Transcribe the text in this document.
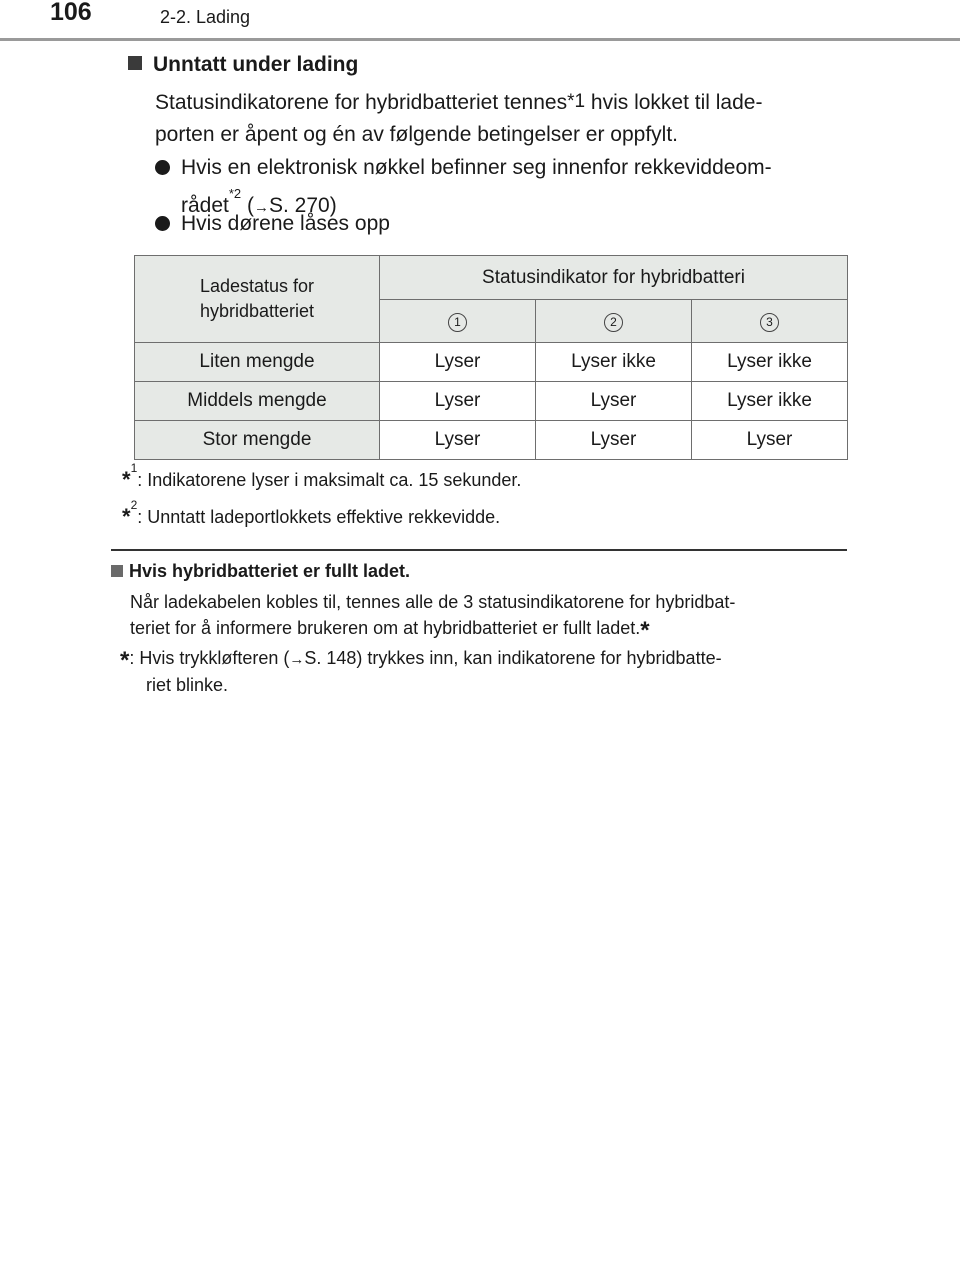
106	2-2. Lading
Unntatt under lading
Statusindikatorene for hybridbatteriet tennes$^{*1}$ hvis lokket til lade-
porten er åpent og én av følgende betingelser er oppfylt.
Hvis en elektronisk nøkkel befinner seg innenfor rekkeviddeom-
rådet$^{*2}$ (→S. 270)
Hvis dørene låses opp
Ladestatus for hybridbatteriet	Statusindikator for hybridbatteri		
	1	2	3
Liten mengde	Lyser	Lyser ikke	Lyser ikke
Middels mengde	Lyser	Lyser	Lyser ikke
Stor mengde	Lyser	Lyser	Lyser
*$^1$: Indikatorene lyser i maksimalt ca. 15 sekunder.
*$^2$: Unntatt ladeportlokkets effektive rekkevidde.
Hvis hybridbatteriet er fullt ladet.
Når ladekabelen kobles til, tennes alle de 3 statusindikatorene for hybridbat-
teriet for å informere brukeren om at hybridbatteriet er fullt ladet.*
*: Hvis trykkløfteren (→S. 148) trykkes inn, kan indikatorene for hybridbatte-
riet blinke.
